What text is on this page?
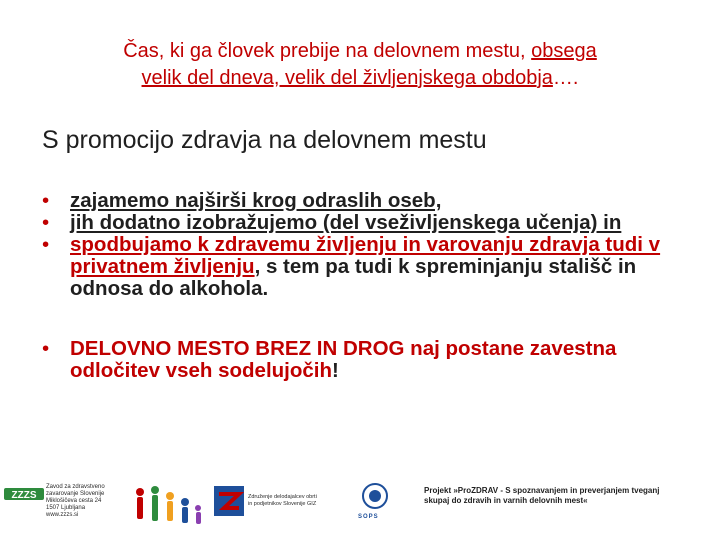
Čas, ki ga človek prebije na delovnem mestu, obsega
velik del dneva, velik del življenjskega obdobja….
S promocijo zdravja na delovnem mestu
• zajamemo najširši krog odraslih oseb,
• jih dodatno izobražujemo (del vseživljenskega učenja) in
• spodbujamo k zdravemu življenju in varovanju zdravja tudi v privatnem življenju, s tem pa tudi k spreminjanju stališč in odnosa do alkohola.
• DELOVNO MESTO BREZ IN DROG naj postane zavestna odločitev vseh sodelujočih!
ZZZS
Zavod za zdravstveno
zavarovanje Slovenije
Miklošičeva cesta 24
1507 Ljubljana
www.zzzs.si
Združenje delodajalcev obrti
in podjetnikov Slovenije GIZ
SOPS
Projekt »ProZDRAV - S spoznavanjem in preverjanjem tveganj skupaj do zdravih in varnih delovnih mest«
